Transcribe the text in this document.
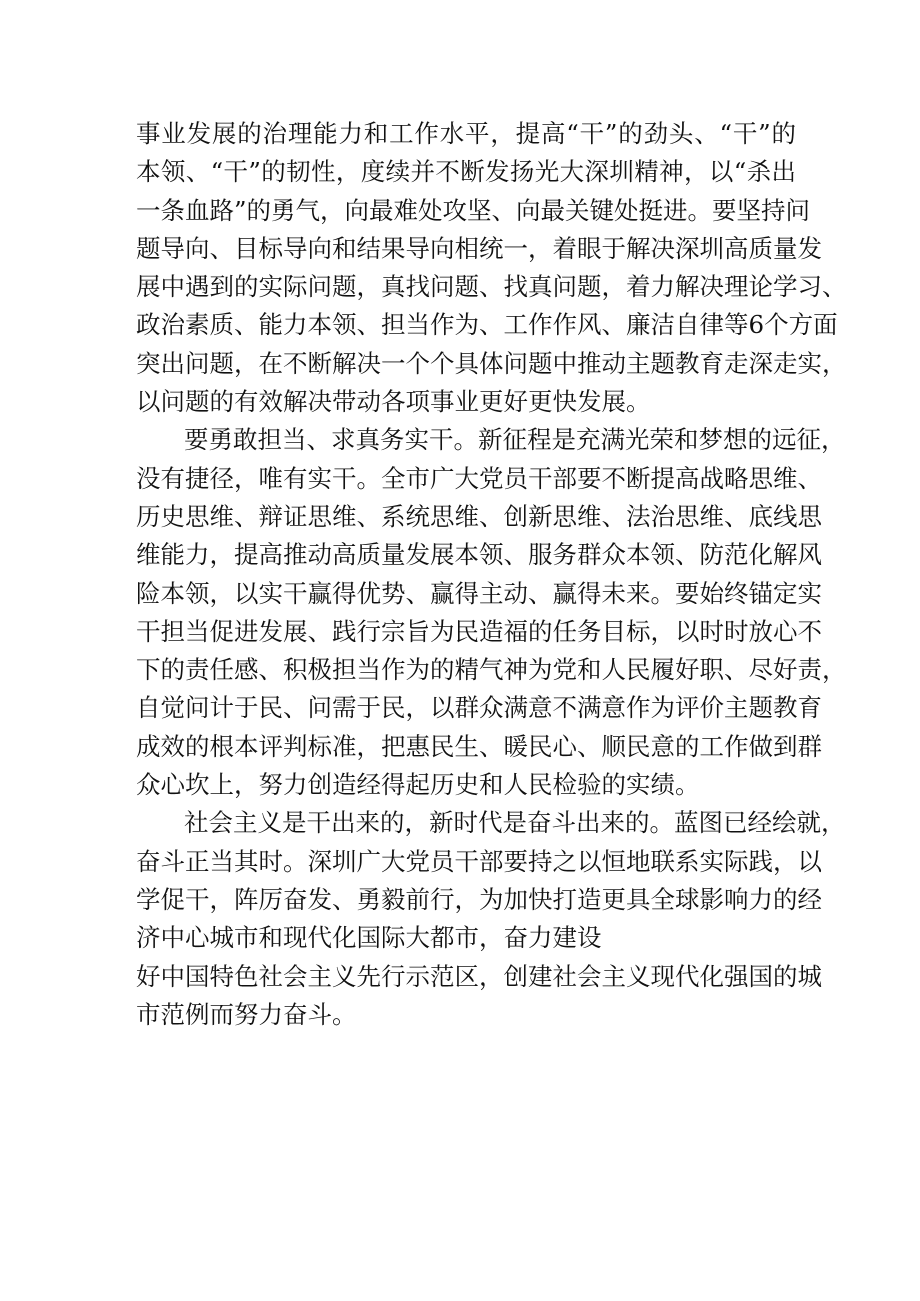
事业发展的治理能力和工作水平，提高“干”的劲头、“干”的
本领、“干”的韧性，度续并不断发扬光大深圳精神，以“杀出
一条血路”的勇气，向最难处攻坚、向最关键处挺进。要坚持问
题导向、目标导向和结果导向相统一，着眼于解决深圳高质量发
展中遇到的实际问题，真找问题、找真问题，着力解决理论学习、
政治素质、能力本领、担当作为、工作作风、廉洁自律等6个方面
突出问题，在不断解决一个个具体问题中推动主题教育走深走实，
以问题的有效解决带动各项事业更好更快发展。
要勇敢担当、求真务实干。新征程是充满光荣和梦想的远征，
没有捷径，唯有实干。全市广大党员干部要不断提高战略思维、
历史思维、辩证思维、系统思维、创新思维、法治思维、底线思
维能力，提高推动高质量发展本领、服务群众本领、防范化解风
险本领，以实干赢得优势、赢得主动、赢得未来。要始终锚定实
干担当促进发展、践行宗旨为民造福的任务目标，以时时放心不
下的责任感、积极担当作为的精气神为党和人民履好职、尽好责，
自觉问计于民、问需于民，以群众满意不满意作为评价主题教育
成效的根本评判标准，把惠民生、暖民心、顺民意的工作做到群
众心坎上，努力创造经得起历史和人民检验的实绩。
社会主义是干出来的，新时代是奋斗出来的。蓝图已经绘就，
奋斗正当其时。深圳广大党员干部要持之以恒地联系实际践，以
学促干，阵厉奋发、勇毅前行，为加快打造更具全球影响力的经
济中心城市和现代化国际大都市，奋力建设
好中国特色社会主义先行示范区，创建社会主义现代化强国的城
市范例而努力奋斗。
